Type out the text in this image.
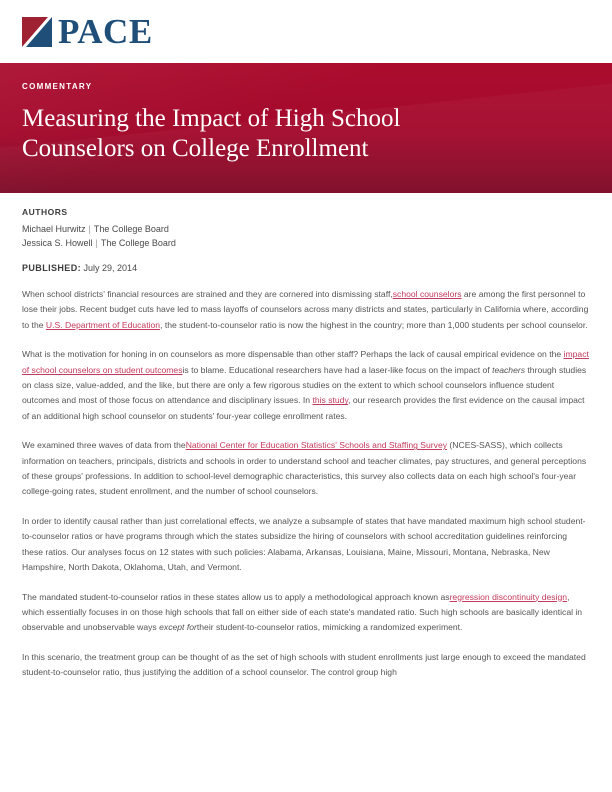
PACE
COMMENTARY
Measuring the Impact of High School Counselors on College Enrollment
AUTHORS
Michael Hurwitz | The College Board
Jessica S. Howell | The College Board
PUBLISHED: July 29, 2014

When school districts' financial resources are strained and they are cornered into dismissing staff,school counselors are among the first personnel to lose their jobs. Recent budget cuts have led to mass layoffs of counselors across many districts and states, particularly in California where, according to the U.S. Department of Education, the student-to-counselor ratio is now the highest in the country; more than 1,000 students per school counselor.

What is the motivation for honing in on counselors as more dispensable than other staff? Perhaps the lack of causal empirical evidence on the impact of school counselors on student outcomesis to blame. Educational researchers have had a laser-like focus on the impact of teachers through studies on class size, value-added, and the like, but there are only a few rigorous studies on the extent to which school counselors influence student outcomes and most of those focus on attendance and disciplinary issues. In this study, our research provides the first evidence on the causal impact of an additional high school counselor on students' four-year college enrollment rates.

We examined three waves of data from theNational Center for Education Statistics' Schools and Staffing Survey (NCES-SASS), which collects information on teachers, principals, districts and schools in order to understand school and teacher climates, pay structures, and general perceptions of these groups' professions. In addition to school-level demographic characteristics, this survey also collects data on each high school's four-year college-going rates, student enrollment, and the number of school counselors.

In order to identify causal rather than just correlational effects, we analyze a subsample of states that have mandated maximum high school student-to-counselor ratios or have programs through which the states subsidize the hiring of counselors with school accreditation guidelines reinforcing these ratios. Our analyses focus on 12 states with such policies: Alabama, Arkansas, Louisiana, Maine, Missouri, Montana, Nebraska, New Hampshire, North Dakota, Oklahoma, Utah, and Vermont.

The mandated student-to-counselor ratios in these states allow us to apply a methodological approach known asregression discontinuity design, which essentially focuses in on those high schools that fall on either side of each state's mandated ratio. Such high schools are basically identical in observable and unobservable ways except fortheir student-to-counselor ratios, mimicking a randomized experiment.

In this scenario, the treatment group can be thought of as the set of high schools with student enrollments just large enough to exceed the mandated student-to-counselor ratio, thus justifying the addition of a school counselor. The control group high
